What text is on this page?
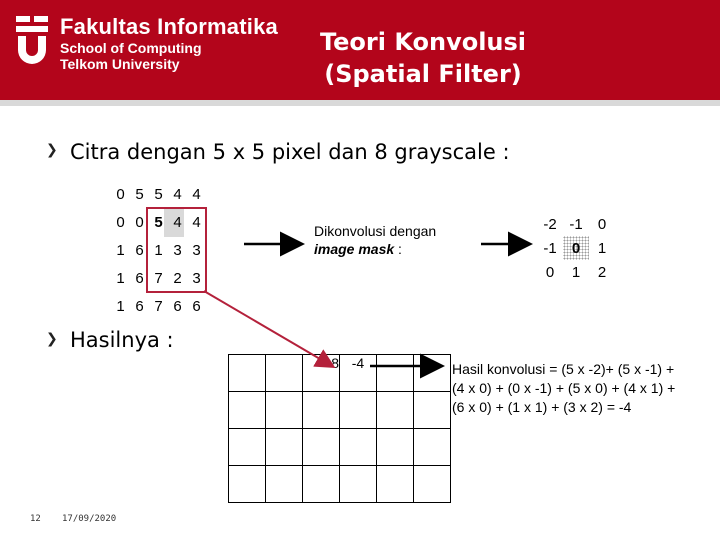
Fakultas Informatika
School of Computing
Telkom University
Teori Konvolusi
(Spatial Filter)
❯ Citra dengan 5 x 5 pixel dan 8 grayscale :
❯ Hasilnya :
0	5	5	4	4
0	0	5	4	4
1	6	1	3	3
1	6	7	2	3
1	6	7	6	6
Dikonvolusi dengan
image mask :
-2	-1	0
-1	0	1
0	1	2
		8	-4		

						Hasil konvolusi = (5 x -2)+ (5 x -1) +
(4 x 0) + (0 x -1) + (5 x 0) + (4 x 1) +
(6 x 0) + (1 x 1) + (3 x 2) = -4
12 17/09/2020
